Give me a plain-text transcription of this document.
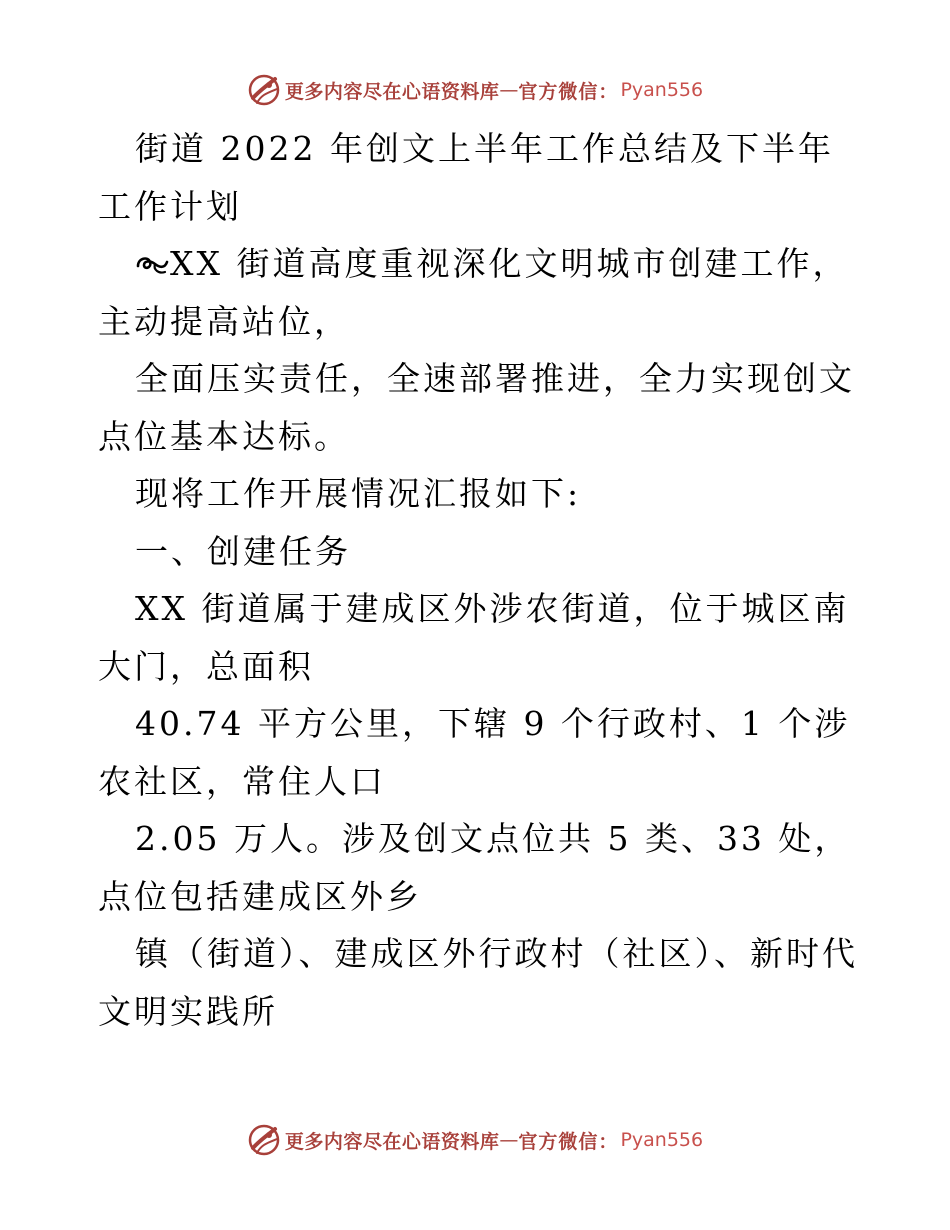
更多内容尽在心语资料库 — 官方微信： Pyan556

街道 2022 年创文上半年工作总结及下半年工作计划

XX 街道高度重视深化文明城市创建工作，主动提高站位，

全面压实责任，全速部署推进，全力实现创文点位基本达标。

现将工作开展情况汇报如下:

一、创建任务

XX 街道属于建成区外涉农街道，位于城区南大门，总面积

40.74 平方公里，下辖 9 个行政村、1 个涉农社区，常住人口

2.05 万人。涉及创文点位共 5 类、33 处，点位包括建成区外乡

镇（街道）、建成区外行政村（社区）、新时代文明实践所

更多内容尽在心语资料库 — 官方微信： Pyan556
